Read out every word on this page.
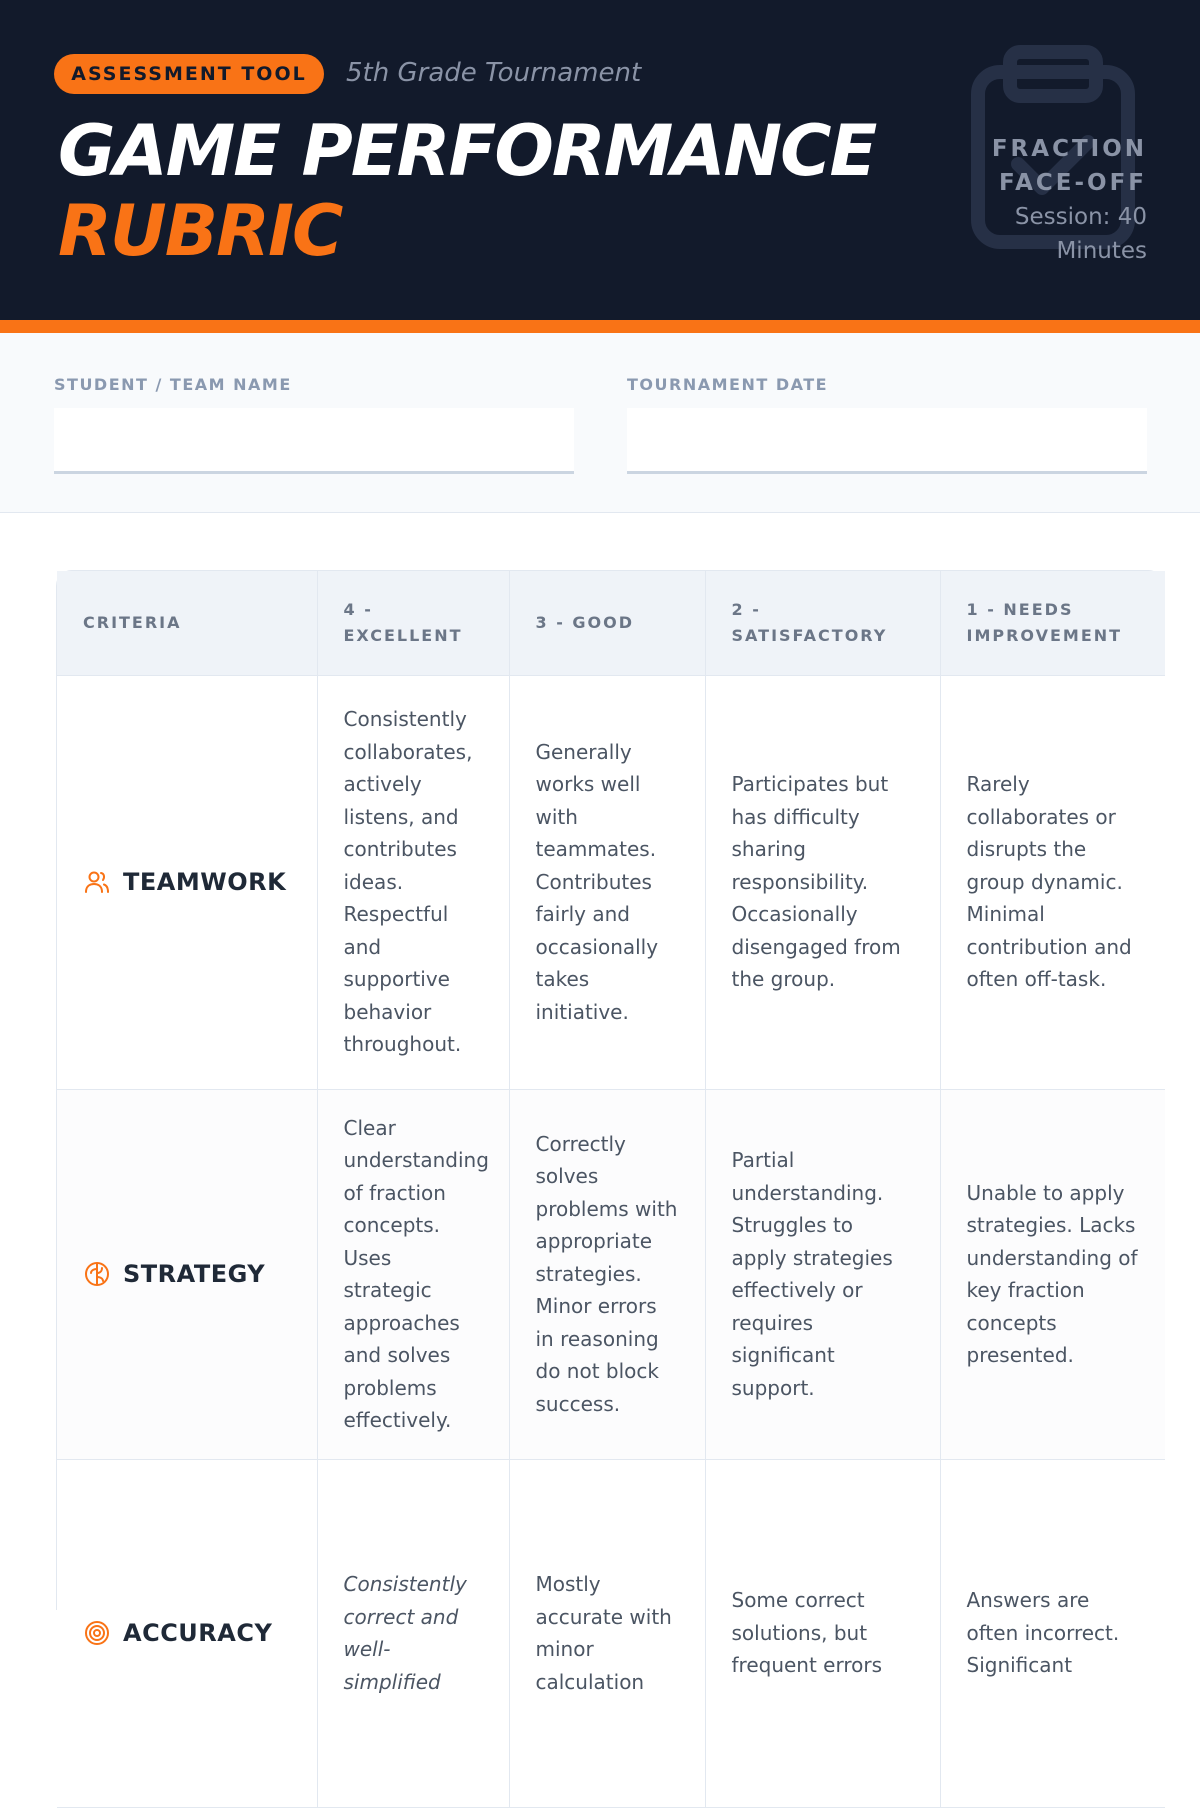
ASSESSMENT TOOL	5th Grade Tournament
GAME PERFORMANCE
RUBRIC
FRACTION
FACE-OFF
Session: 40
Minutes
STUDENT / TEAM NAME	TOURNAMENT DATE
CRITERIA	4 - EXCELLENT	3 - GOOD	2 - SATISFACTORY	1 - NEEDS IMPROVEMENT

TEAMWORK	Consistently collaborates, actively listens, and contributes ideas. Respectful and supportive behavior throughout.	Generally works well with teammates. Contributes fairly and occasionally takes initiative.	Participates but has difficulty sharing responsibility. Occasionally disengaged from the group.	Rarely collaborates or disrupts the group dynamic. Minimal contribution and often off-task.

STRATEGY	Clear understanding of fraction concepts. Uses strategic approaches and solves problems effectively.	Correctly solves problems with appropriate strategies. Minor errors in reasoning do not block success.	Partial understanding. Struggles to apply strategies effectively or requires significant support.	Unable to apply strategies. Lacks understanding of key fraction concepts presented.

ACCURACY	Consistently correct and well-simplified	Mostly accurate with minor calculation	Some correct solutions, but frequent errors	Answers are often incorrect. Significant
